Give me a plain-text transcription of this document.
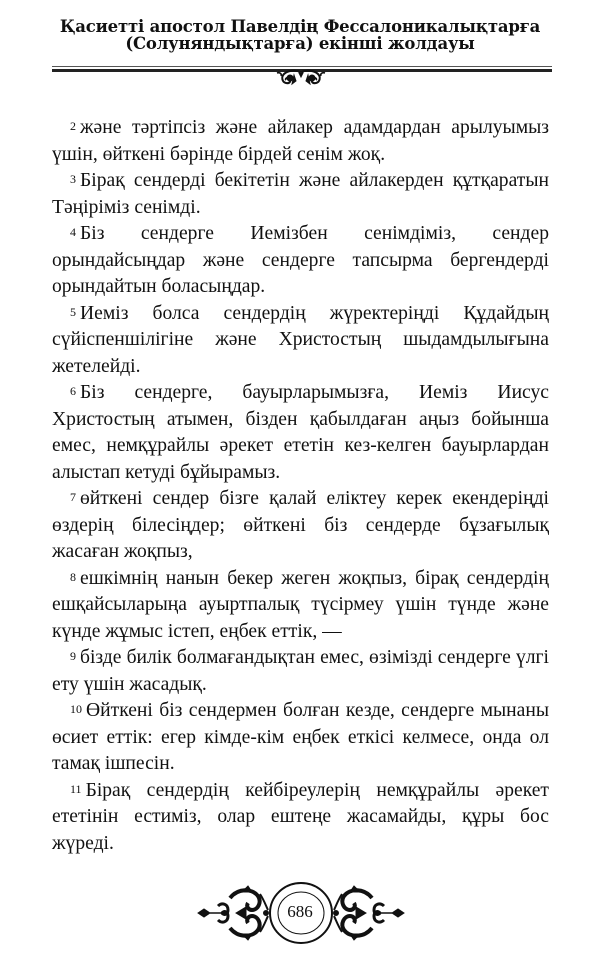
Қасиетті апостол Павелдің Фессалоникалықтарға
(Солуняндықтарға) екінші жолдауы

$^2$ және тәртіпсіз және айлакер адамдардан арылуымыз үшін, өйткені бәрінде бірдей сенім жоқ.

$^3$ Бірақ сендерді бекітетін және айлакерден құтқаратын Тәңіріміз сенімді.

$^4$ Біз сендерге Иемізбен сенімдіміз, сендер орындайсыңдар және сендерге тапсырма бергендерді орындайтын боласыңдар.

$^5$ Иеміз болса сендердің жүректеріңді Құдайдың сүйіспеншілігіне және Христостың шыдамдылығына жетелейді.

$^6$ Біз сендерге, бауырларымызға, Иеміз Иисус Христостың атымен, бізден қабылдаған аңыз бойынша емес, немқұрайлы әрекет ететін кез-келген бауырлардан алыстап кетуді бұйырамыз.

$^7$ өйткені сендер бізге қалай еліктеу керек екендеріңді өздерің білесіңдер; өйткені біз сендерде бұзағылық жасаған жоқпыз,

$^8$ ешкімнің нанын бекер жеген жоқпыз, бірақ сендердің ешқайсыларыңа ауыртпалық түсірмеу үшін түнде және күнде жұмыс істеп, еңбек еттік, —

$^9$ бізде билік болмағандықтан емес, өзімізді сендерге үлгі ету үшін жасадық.

$^{10}$ Өйткені біз сендермен болған кезде, сендерге мынаны өсиет еттік: егер кімде-кім еңбек еткісі келмесе, онда ол тамақ ішпесін.

$^{11}$ Бірақ сендердің кейбіреулерің немқұрайлы әрекет ететінін естиміз, олар ештеңе жасамайды, құры бос жүреді.

686
